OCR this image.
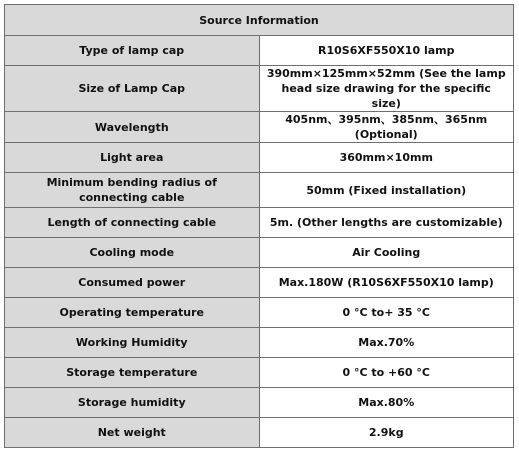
Source Information	
Type of lamp cap	R10S6XF550X10 lamp
Size of Lamp Cap	390mm×125mm×52mm (See the lamp head size drawing for the specific size)
Wavelength	405nm、395nm、385nm、365nm (Optional)
Light area	360mm×10mm
Minimum bending radius of connecting cable	50mm (Fixed installation)
Length of connecting cable	5m. (Other lengths are customizable)
Cooling mode	Air Cooling
Consumed power	Max.180W (R10S6XF550X10 lamp)
Operating temperature	0 °C to+ 35 °C
Working Humidity	Max.70%
Storage temperature	0 °C to +60 °C
Storage humidity	Max.80%
Net weight	2.9kg
